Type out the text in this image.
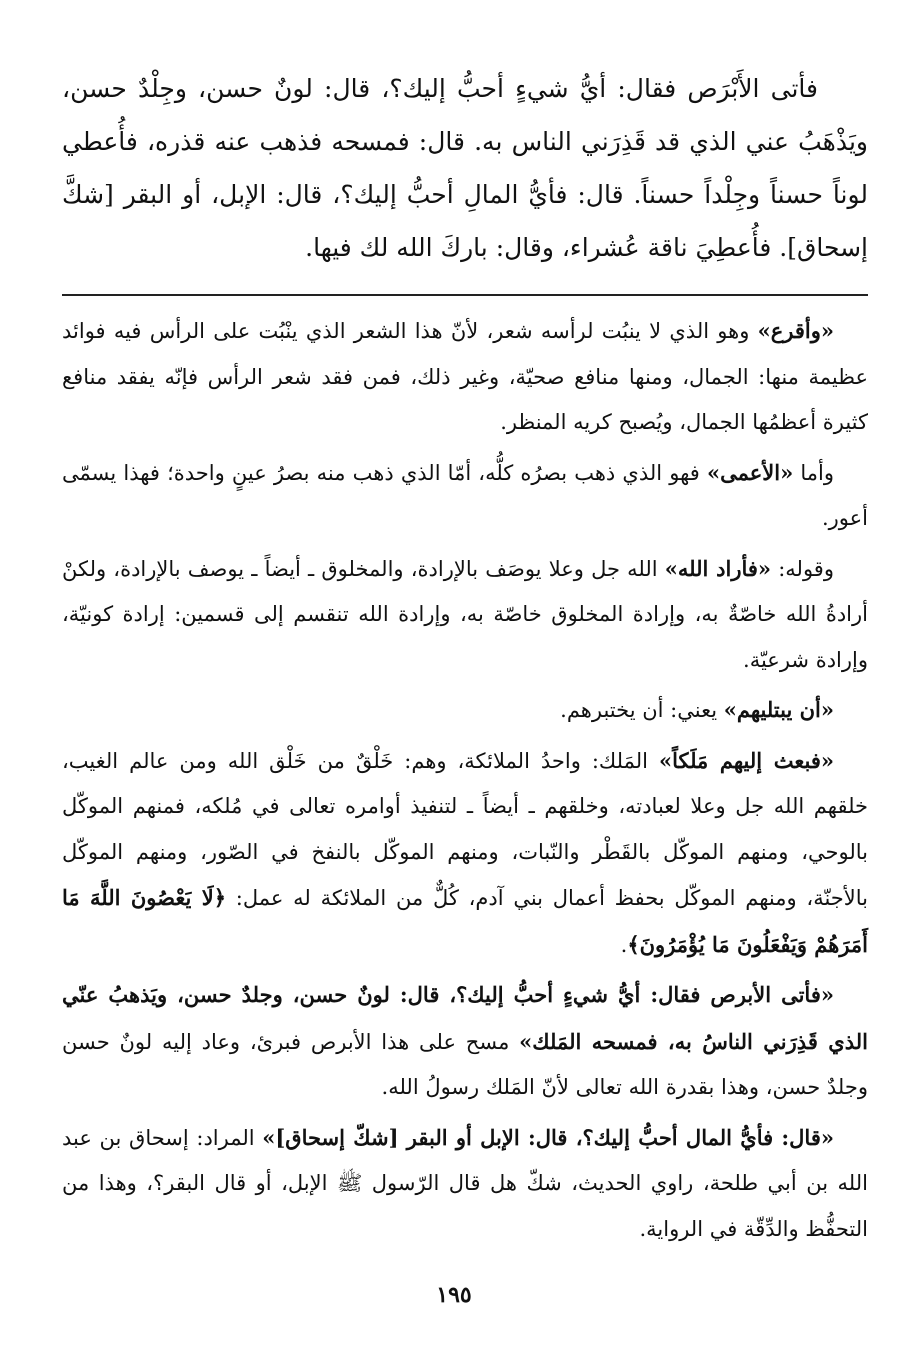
فأتى الأَبْرَص فقال: أيُّ شيءٍ أحبُّ إليك؟، قال: لونٌ حسن، وجِلْدٌ حسن، ويَذْهَبُ عني الذي قد قَذِرَني الناس به. قال: فمسحه فذهب عنه قذره، فأُعطي لوناً حسناً وجِلْداً حسناً. قال: فأيُّ المالِ أحبُّ إليك؟، قال: الإبل، أو البقر [شكَّ إسحاق]. فأُعطِيَ ناقة عُشراء، وقال: باركَ الله لك فيها.

«وأقرع» وهو الذي لا ينبُت لرأسه شعر، لأنّ هذا الشعر الذي ينْبُت على الرأس فيه فوائد عظيمة منها: الجمال، ومنها منافع صحيّة، وغير ذلك، فمن فقد شعر الرأس فإنّه يفقد منافع كثيرة أعظمُها الجمال، ويُصبح كريه المنظر.

وأما «الأعمى» فهو الذي ذهب بصرُه كلُّه، أمّا الذي ذهب منه بصرُ عينٍ واحدة؛ فهذا يسمّى أعور.

وقوله: «فأراد الله» الله جل وعلا يوصَف بالإرادة، والمخلوق ـ أيضاً ـ يوصف بالإرادة، ولكنْ أرادةُ الله خاصّةٌ به، وإرادة المخلوق خاصّة به، وإرادة الله تنقسم إلى قسمين: إرادة كونيّة، وإرادة شرعيّة.

«أن يبتليهم» يعني: أن يختبرهم.

«فبعث إليهم مَلَكاً» المَلك: واحدُ الملائكة، وهم: خَلْقٌ من خَلْق الله ومن عالم الغيب، خلقهم الله جل وعلا لعبادته، وخلقهم ـ أيضاً ـ لتنفيذ أوامره تعالى في مُلكه، فمنهم الموكّل بالوحي، ومنهم الموكّل بالقَطْر والنّبات، ومنهم الموكّل بالنفخ في الصّور، ومنهم الموكّل بالأجنّة، ومنهم الموكّل بحفظ أعمال بني آدم، كُلٌّ من الملائكة له عمل: ﴿لَا يَعْصُونَ اللَّهَ مَا أَمَرَهُمْ وَيَفْعَلُونَ مَا يُؤْمَرُونَ﴾.

«فأتى الأبرص فقال: أيُّ شيءٍ أحبُّ إليك؟، قال: لونٌ حسن، وجلدٌ حسن، ويَذهبُ عنّي الذي قَذِرَني الناسُ به، فمسحه المَلك» مسح على هذا الأبرص فبرئ، وعاد إليه لونٌ حسن وجلدٌ حسن، وهذا بقدرة الله تعالى لأنّ المَلك رسولُ الله.

«قال: فأيُّ المال أحبُّ إليك؟، قال: الإبل أو البقر [شكّ إسحاق]» المراد: إسحاق بن عبد الله بن أبي طلحة، راوي الحديث، شكّ هل قال الرّسول ﷺ الإبل، أو قال البقر؟، وهذا من التحفُّظ والدِّقّة في الرواية.

١٩٥
